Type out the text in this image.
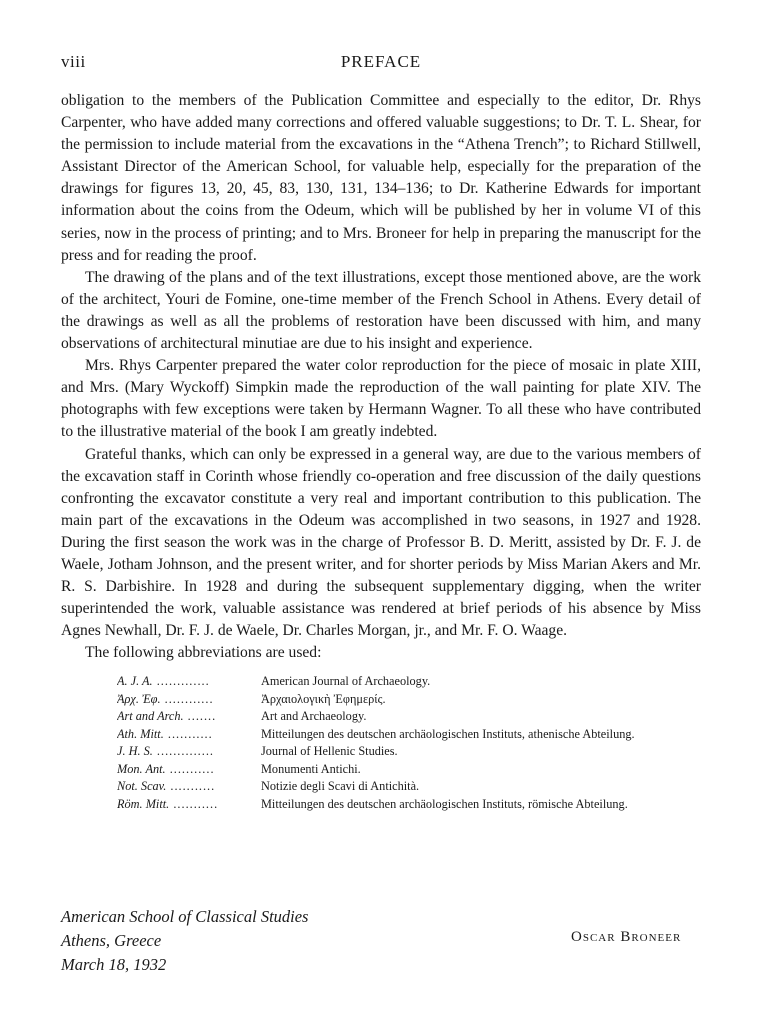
viii	PREFACE

obligation to the members of the Publication Committee and especially to the editor, Dr. Rhys Carpenter, who have added many corrections and offered valuable suggestions; to Dr. T. L. Shear, for the permission to include material from the excavations in the “Athena Trench”; to Richard Stillwell, Assistant Director of the American School, for valuable help, especially for the preparation of the drawings for figures 13, 20, 45, 83, 130, 131, 134–136; to Dr. Katherine Edwards for important information about the coins from the Odeum, which will be published by her in volume VI of this series, now in the process of printing; and to Mrs. Broneer for help in preparing the manuscript for the press and for reading the proof.

The drawing of the plans and of the text illustrations, except those mentioned above, are the work of the architect, Youri de Fomine, one-time member of the French School in Athens. Every detail of the drawings as well as all the problems of restoration have been discussed with him, and many observations of architectural minutiae are due to his insight and experience.

Mrs. Rhys Carpenter prepared the water color reproduction for the piece of mosaic in plate XIII, and Mrs. (Mary Wyckoff) Simpkin made the reproduction of the wall painting for plate XIV. The photographs with few exceptions were taken by Hermann Wagner. To all these who have contributed to the illustrative material of the book I am greatly indebted.

Grateful thanks, which can only be expressed in a general way, are due to the various members of the excavation staff in Corinth whose friendly co-operation and free discussion of the daily questions confronting the excavator constitute a very real and important contribution to this publication. The main part of the excavations in the Odeum was accomplished in two seasons, in 1927 and 1928. During the first season the work was in the charge of Professor B. D. Meritt, assisted by Dr. F. J. de Waele, Jotham Johnson, and the present writer, and for shorter periods by Miss Marian Akers and Mr. R. S. Darbishire. In 1928 and during the subsequent supplementary digging, when the writer superintended the work, valuable assistance was rendered at brief periods of his absence by Miss Agnes Newhall, Dr. F. J. de Waele, Dr. Charles Morgan, jr., and Mr. F. O. Waage.

The following abbreviations are used:

A. J. A. .............	American Journal of Archaeology.
Ἀρχ. Ἐφ. ............	Ἀρχαιολογικὴ Ἐφημερίς.
Art and Arch. .......	Art and Archaeology.
Ath. Mitt. ...........	Mitteilungen des deutschen archäologischen Instituts, athenische Abteilung.
J. H. S. ..............	Journal of Hellenic Studies.
Mon. Ant. ...........	Monumenti Antichi.
Not. Scav. ...........	Notizie degli Scavi di Antichità.
Röm. Mitt. ...........	Mitteilungen des deutschen archäologischen Instituts, römische Abteilung.
American School of Classical Studies
Athens, Greece
March 18, 1932
Oscar Broneer
